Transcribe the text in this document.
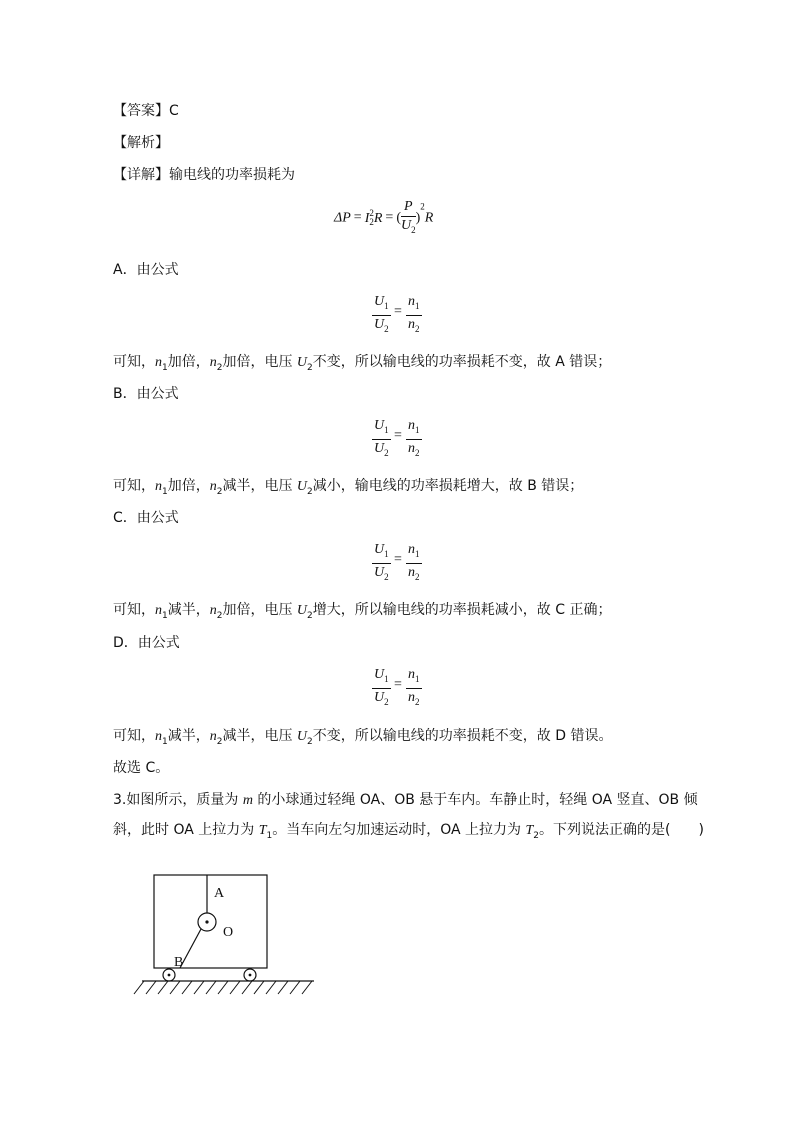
【答案】C
【解析】
【详解】输电线的功率损耗为
ΔP = I 2
2 R = ( $\frac{P}{U_2} )^2R$
A．由公式
$\frac{U_1}{U_2} = \frac{n_1}{n_2}$
可知，$n_1$加倍，$n_2$加倍，电压 $U_2$不变，所以输电线的功率损耗不变，故 A 错误；
B．由公式
$\frac{U_1}{U_2} = \frac{n_1}{n_2}$
可知，$n_1$加倍，$n_2$减半，电压 $U_2$减小，输电线的功率损耗增大，故 B 错误；
C．由公式
$\frac{U_1}{U_2} = \frac{n_1}{n_2}$
可知，$n_1$减半，$n_2$加倍，电压 $U_2$增大，所以输电线的功率损耗减小，故 C 正确；
D．由公式
$\frac{U_1}{U_2} = \frac{n_1}{n_2}$
可知，$n_1$减半，$n_2$减半，电压 $U_2$不变，所以输电线的功率损耗不变，故 D 错误。
故选 C。
3.如图所示，质量为 m 的小球通过轻绳 OA、OB 悬于车内。车静止时，轻绳 OA 竖直、OB 倾
斜，此时 OA 上拉力为 $T_1$。当车向左匀加速运动时，OA 上拉力为 $T_2$。下列说法正确的是(　　)
A
O
B
